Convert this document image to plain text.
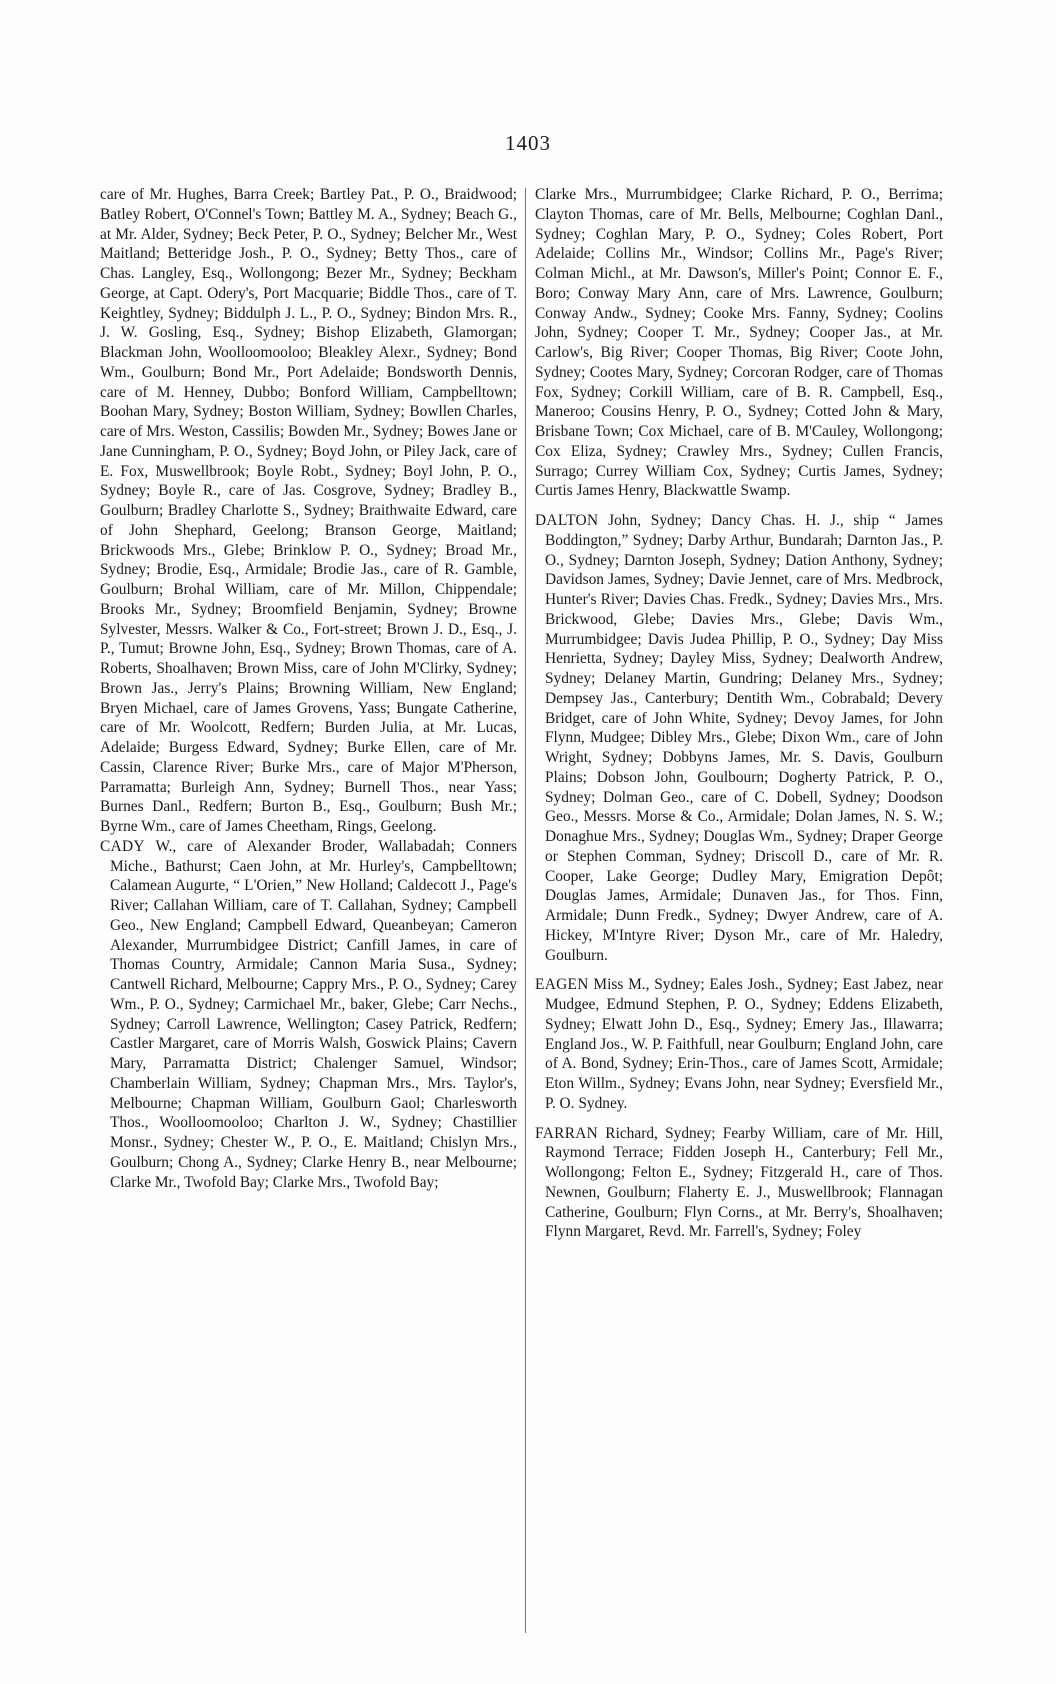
1403

care of Mr. Hughes, Barra Creek; Bartley Pat., P. O., Braidwood; Batley Robert, O'Connel's Town; Battley M. A., Sydney; Beach G., at Mr. Alder, Sydney; Beck Peter, P. O., Sydney; Belcher Mr., West Maitland; Betteridge Josh., P. O., Sydney; Betty Thos., care of Chas. Langley, Esq., Wollongong; Bezer Mr., Sydney; Beckham George, at Capt. Odery's, Port Macquarie; Biddle Thos., care of T. Keightley, Sydney; Biddulph J. L., P. O., Sydney; Bindon Mrs. R., J. W. Gosling, Esq., Sydney; Bishop Elizabeth, Glamorgan; Blackman John, Woolloomooloo; Bleakley Alexr., Sydney; Bond Wm., Goulburn; Bond Mr., Port Adelaide; Bondsworth Dennis, care of M. Henney, Dubbo; Bonford William, Campbelltown; Boohan Mary, Sydney; Boston William, Sydney; Bowllen Charles, care of Mrs. Weston, Cassilis; Bowden Mr., Sydney; Bowes Jane or Jane Cunningham, P. O., Sydney; Boyd John, or Piley Jack, care of E. Fox, Muswellbrook; Boyle Robt., Sydney; Boyl John, P. O., Sydney; Boyle R., care of Jas. Cosgrove, Sydney; Bradley B., Goulburn; Bradley Charlotte S., Sydney; Braithwaite Edward, care of John Shephard, Geelong; Branson George, Maitland; Brickwoods Mrs., Glebe; Brinklow P. O., Sydney; Broad Mr., Sydney; Brodie, Esq., Armidale; Brodie Jas., care of R. Gamble, Goulburn; Brohal William, care of Mr. Millon, Chippendale; Brooks Mr., Sydney; Broomfield Benjamin, Sydney; Browne Sylvester, Messrs. Walker & Co., Fort-street; Brown J. D., Esq., J. P., Tumut; Browne John, Esq., Sydney; Brown Thomas, care of A. Roberts, Shoalhaven; Brown Miss, care of John M'Clirky, Sydney; Brown Jas., Jerry's Plains; Browning William, New England; Bryen Michael, care of James Grovens, Yass; Bungate Catherine, care of Mr. Woolcott, Redfern; Burden Julia, at Mr. Lucas, Adelaide; Burgess Edward, Sydney; Burke Ellen, care of Mr. Cassin, Clarence River; Burke Mrs., care of Major M'Pherson, Parramatta; Burleigh Ann, Sydney; Burnell Thos., near Yass; Burnes Danl., Redfern; Burton B., Esq., Goulburn; Bush Mr.; Byrne Wm., care of James Cheetham, Rings, Geelong.

CADY W., care of Alexander Broder, Wallabadah; Conners Miche., Bathurst; Caen John, at Mr. Hurley's, Campbelltown; Calamean Augurte, “ L'Orien,” New Holland; Caldecott J., Page's River; Callahan William, care of T. Callahan, Sydney; Campbell Geo., New England; Campbell Edward, Queanbeyan; Cameron Alexander, Murrumbidgee District; Canfill James, in care of Thomas Country, Armidale; Cannon Maria Susa., Sydney; Cantwell Richard, Melbourne; Cappry Mrs., P. O., Sydney; Carey Wm., P. O., Sydney; Carmichael Mr., baker, Glebe; Carr Nechs., Sydney; Carroll Lawrence, Wellington; Casey Patrick, Redfern; Castler Margaret, care of Morris Walsh, Goswick Plains; Cavern Mary, Parramatta District; Chalenger Samuel, Windsor; Chamberlain William, Sydney; Chapman Mrs., Mrs. Taylor's, Melbourne; Chapman William, Goulburn Gaol; Charlesworth Thos., Woolloomooloo; Charlton J. W., Sydney; Chastillier Monsr., Sydney; Chester W., P. O., E. Maitland; Chislyn Mrs., Goulburn; Chong A., Sydney; Clarke Henry B., near Melbourne; Clarke Mr., Twofold Bay; Clarke Mrs., Twofold Bay;

Clarke Mrs., Murrumbidgee; Clarke Richard, P. O., Berrima; Clayton Thomas, care of Mr. Bells, Melbourne; Coghlan Danl., Sydney; Coghlan Mary, P. O., Sydney; Coles Robert, Port Adelaide; Collins Mr., Windsor; Collins Mr., Page's River; Colman Michl., at Mr. Dawson's, Miller's Point; Connor E. F., Boro; Conway Mary Ann, care of Mrs. Lawrence, Goulburn; Conway Andw., Sydney; Cooke Mrs. Fanny, Sydney; Coolins John, Sydney; Cooper T. Mr., Sydney; Cooper Jas., at Mr. Carlow's, Big River; Cooper Thomas, Big River; Coote John, Sydney; Cootes Mary, Sydney; Corcoran Rodger, care of Thomas Fox, Sydney; Corkill William, care of B. R. Campbell, Esq., Maneroo; Cousins Henry, P. O., Sydney; Cotted John & Mary, Brisbane Town; Cox Michael, care of B. M'Cauley, Wollongong; Cox Eliza, Sydney; Crawley Mrs., Sydney; Cullen Francis, Surrago; Currey William Cox, Sydney; Curtis James, Sydney; Curtis James Henry, Blackwattle Swamp.

DALTON John, Sydney; Dancy Chas. H. J., ship “ James Boddington,” Sydney; Darby Arthur, Bundarah; Darnton Jas., P. O., Sydney; Darnton Joseph, Sydney; Dation Anthony, Sydney; Davidson James, Sydney; Davie Jennet, care of Mrs. Medbrock, Hunter's River; Davies Chas. Fredk., Sydney; Davies Mrs., Mrs. Brickwood, Glebe; Davies Mrs., Glebe; Davis Wm., Murrumbidgee; Davis Judea Phillip, P. O., Sydney; Day Miss Henrietta, Sydney; Dayley Miss, Sydney; Dealworth Andrew, Sydney; Delaney Martin, Gundring; Delaney Mrs., Sydney; Dempsey Jas., Canterbury; Dentith Wm., Cobrabald; Devery Bridget, care of John White, Sydney; Devoy James, for John Flynn, Mudgee; Dibley Mrs., Glebe; Dixon Wm., care of John Wright, Sydney; Dobbyns James, Mr. S. Davis, Goulburn Plains; Dobson John, Goulbourn; Dogherty Patrick, P. O., Sydney; Dolman Geo., care of C. Dobell, Sydney; Doodson Geo., Messrs. Morse & Co., Armidale; Dolan James, N. S. W.; Donaghue Mrs., Sydney; Douglas Wm., Sydney; Draper George or Stephen Comman, Sydney; Driscoll D., care of Mr. R. Cooper, Lake George; Dudley Mary, Emigration Depôt; Douglas James, Armidale; Dunaven Jas., for Thos. Finn, Armidale; Dunn Fredk., Sydney; Dwyer Andrew, care of A. Hickey, M'Intyre River; Dyson Mr., care of Mr. Haledry, Goulburn.

EAGEN Miss M., Sydney; Eales Josh., Sydney; East Jabez, near Mudgee, Edmund Stephen, P. O., Sydney; Eddens Elizabeth, Sydney; Elwatt John D., Esq., Sydney; Emery Jas., Illawarra; England Jos., W. P. Faithfull, near Goulburn; England John, care of A. Bond, Sydney; Erin-Thos., care of James Scott, Armidale; Eton Willm., Sydney; Evans John, near Sydney; Eversfield Mr., P. O. Sydney.

FARRAN Richard, Sydney; Fearby William, care of Mr. Hill, Raymond Terrace; Fidden Joseph H., Canterbury; Fell Mr., Wollongong; Felton E., Sydney; Fitzgerald H., care of Thos. Newnen, Goulburn; Flaherty E. J., Muswellbrook; Flannagan Catherine, Goulburn; Flyn Corns., at Mr. Berry's, Shoalhaven; Flynn Margaret, Revd. Mr. Farrell's, Sydney; Foley
